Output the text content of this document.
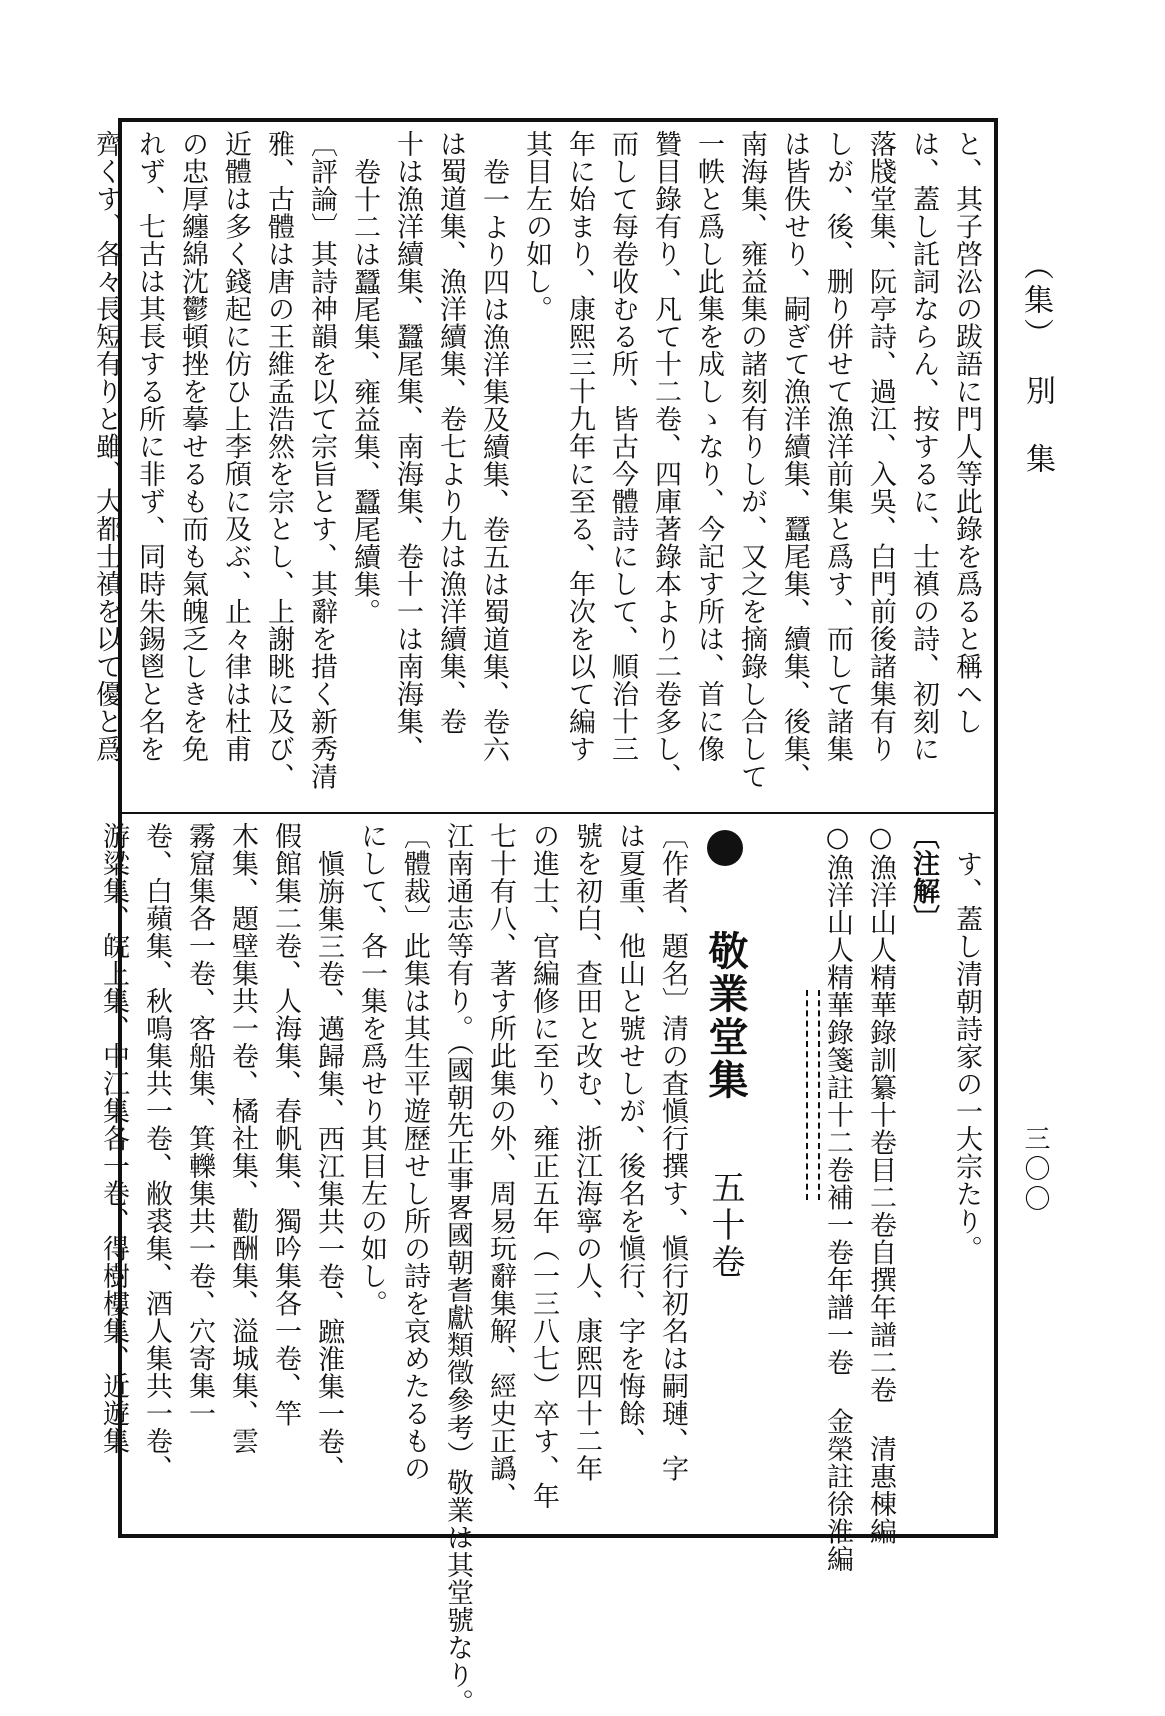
（集）
別　集
三〇〇
と、其子啓㳂の跋語に門人等此錄を爲ると稱へし
は、蓋し託詞ならん、按するに、士禛の詩、初刻に
落牋堂集、阮亭詩、過江、入吳、白門前後諸集有り
しが、後、删り併せて漁洋前集と爲す、而して諸集
は皆佚せり、嗣ぎて漁洋續集、蠶尾集、續集、後集、
南海集、雍益集の諸刻有りしが、又之を摘錄し合して
一帙と爲し此集を成しゝなり、今記す所は、首に像
贊目錄有り、凡て十二卷、四庫著錄本より二卷多し、
而して每卷收むる所、皆古今體詩にして、順治十三
年に始まり、康熙三十九年に至る、年次を以て編す
其目左の如し。
卷一より四は漁洋集及續集、卷五は蜀道集、卷六
は蜀道集、漁洋續集、卷七より九は漁洋續集、卷
十は漁洋續集、蠶尾集、南海集、卷十一は南海集、
卷十二は蠶尾集、雍益集、蠶尾續集。
〔評論〕其詩神韻を以て宗旨とす、其辭を措く新秀清
雅、古體は唐の王維孟浩然を宗とし、上謝眺に及び、
近體は多く錢起に仿ひ上李頎に及ぶ、止々律は杜甫
の忠厚纏綿沈鬱頓挫を摹せるも而も氣魄乏しきを免
れず、七古は其長する所に非ず、同時朱錫鬯と名を
齊くす、各々長短有りと雖、大都士禛を以て優と爲
す、蓋し清朝詩家の一大宗たり。
〔注解〕
○漁洋山人精華錄訓纂十卷目二卷自撰年譜二卷 清惠棟編
○漁洋山人精華錄箋註十二卷補一卷年譜一卷 金榮註徐淮編
敬業堂集 五十卷
〔作者、題名〕清の査愼行撰す、愼行初名は嗣璉、字
は夏重、他山と號せしが、後名を愼行、字を悔餘、
號を初白、查田と改む、浙江海寧の人、康熙四十二年
の進士、官編修に至り、雍正五年（一三八七）卒す、年
七十有八、著す所此集の外、周易玩辭集解、經史正譌、
江南通志等有り。（國朝先正事畧國朝耆獻類徵參考）敬業は其堂號なり。
〔體裁〕此集は其生平遊歷せし所の詩を哀めたるもの
にして、各一集を爲せり其目左の如し。
愼旃集三卷、邁歸集、西江集共一卷、蹠淮集一卷、
假館集二卷、人海集、春帆集、獨吟集各一卷、竿
木集、題壁集共一卷、橘社集、勸酬集、溢城集、雲
霧窟集各一卷、客船集、箕轢集共一卷、穴寄集一
卷、白蘋集、秋鳴集共一卷、敝裘集、酒人集共一卷、
游粱集、皖上集、中江集各一卷、得樹樓集、近遊集
